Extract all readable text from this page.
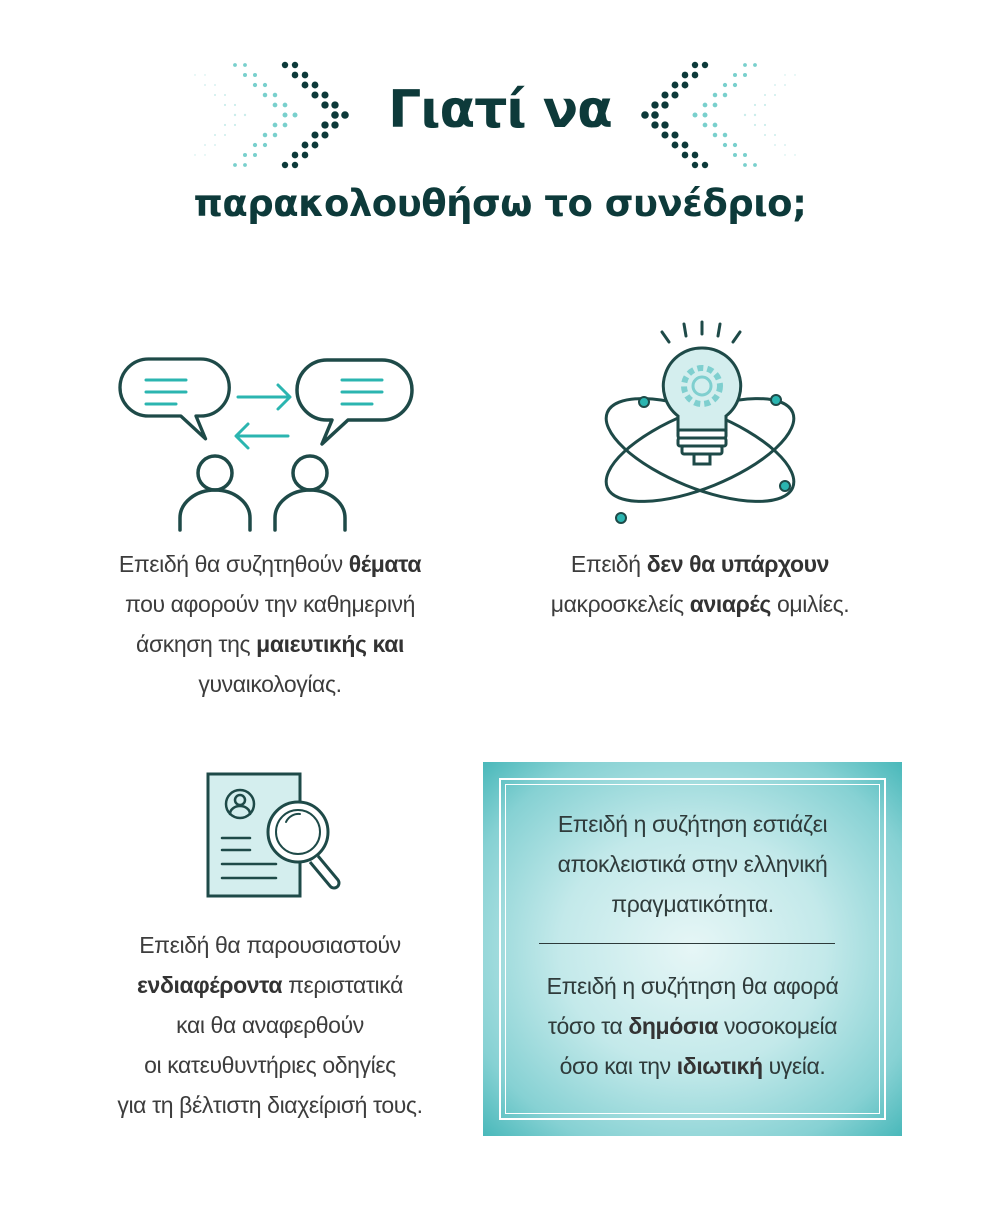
Γιατί να
παρακολουθήσω το συνέδριο;

Επειδή θα συζητηθούν θέματα

που αφορούν την καθημερινή

άσκηση της μαιευτικής και

γυναικολογίας.

Επειδή δεν θα υπάρχουν

μακροσκελείς ανιαρές ομιλίες.

Επειδή θα παρουσιαστούν

ενδιαφέροντα περιστατικά

και θα αναφερθούν

οι κατευθυντήριες οδηγίες

για τη βέλτιστη διαχείρισή τους.

Επειδή η συζήτηση εστιάζει

αποκλειστικά στην ελληνική

πραγματικότητα.

Επειδή η συζήτηση θα αφορά

τόσο τα δημόσια νοσοκομεία

όσο και την ιδιωτική υγεία.
